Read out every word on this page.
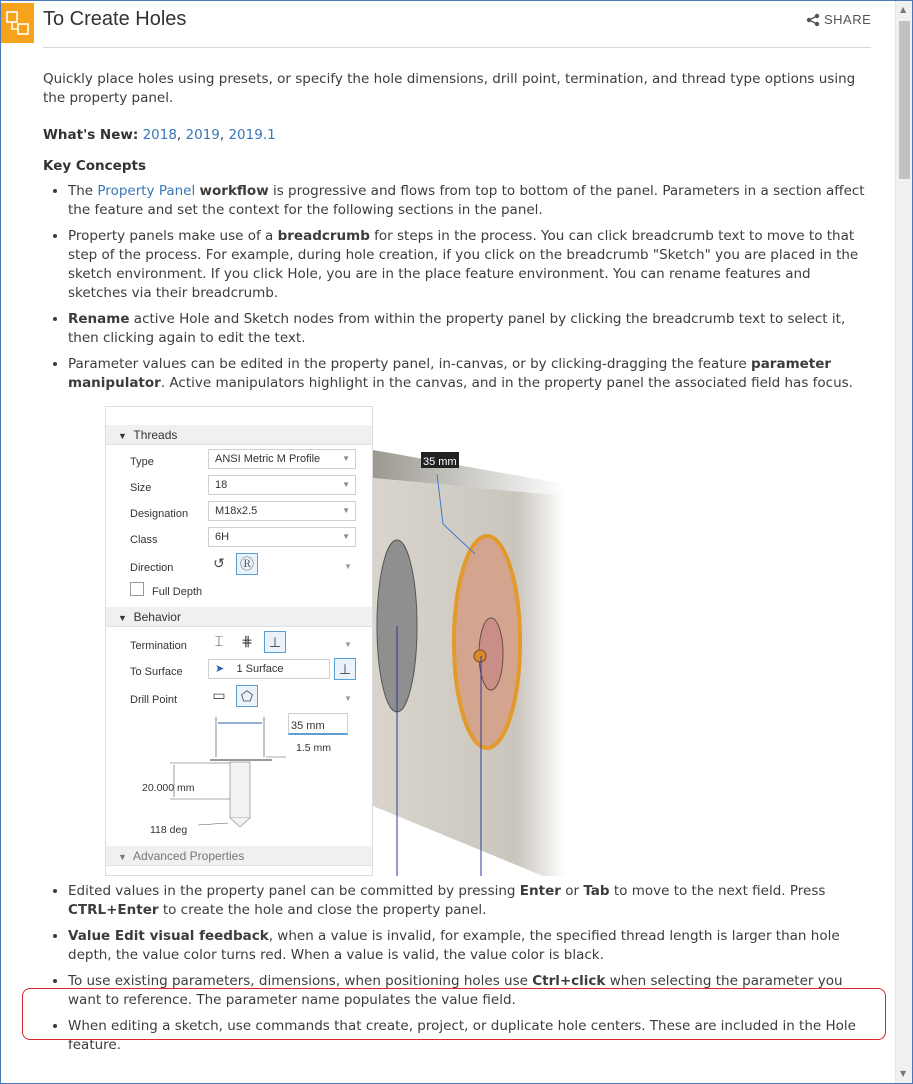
To Create Holes	SHARE

Quickly place holes using presets, or specify the hole dimensions, drill point, termination, and thread type options using the property panel.

What's New: 2018, 2019, 2019.1

Key Concepts

• The Property Panel workflow is progressive and flows from top to bottom of the panel. Parameters in a section affect the feature and set the context for the following sections in the panel.
• Property panels make use of a breadcrumb for steps in the process. You can click breadcrumb text to move to that step of the process. For example, during hole creation, if you click on the breadcrumb "Sketch" you are placed in the sketch environment. If you click Hole, you are in the place feature environment. You can rename features and sketches via their breadcrumb.
• Rename active Hole and Sketch nodes from within the property panel by clicking the breadcrumb text to select it, then clicking again to edit the text.
• Parameter values can be edited in the property panel, in-canvas, or by clicking-dragging the feature parameter manipulator. Active manipulators highlight in the canvas, and in the property panel the associated field has focus.
▼ Threads
Type	ANSI Metric M Profile	▼
Size	18	▼
Designation	M18x2.5	▼
Class	6H	▼
Direction	↺	Ⓡ	▼
Full Depth
▼ Behavior
Termination	⌶	⋕	⊥	▼
To Surface	➤ 1 Surface	⊥
Drill Point	▭	⬠	▼
35 mm
1.5 mm
20.000 mm
118 deg
▼ Advanced Properties
35 mm
• Edited values in the property panel can be committed by pressing Enter or Tab to move to the next field. Press CTRL+Enter to create the hole and close the property panel.
• Value Edit visual feedback, when a value is invalid, for example, the specified thread length is larger than hole depth, the value color turns red. When a value is valid, the value color is black.
• To use existing parameters, dimensions, when positioning holes use Ctrl+click when selecting the parameter you want to reference. The parameter name populates the value field.
• When editing a sketch, use commands that create, project, or duplicate hole centers. These are included in the Hole feature.
▲
▼
